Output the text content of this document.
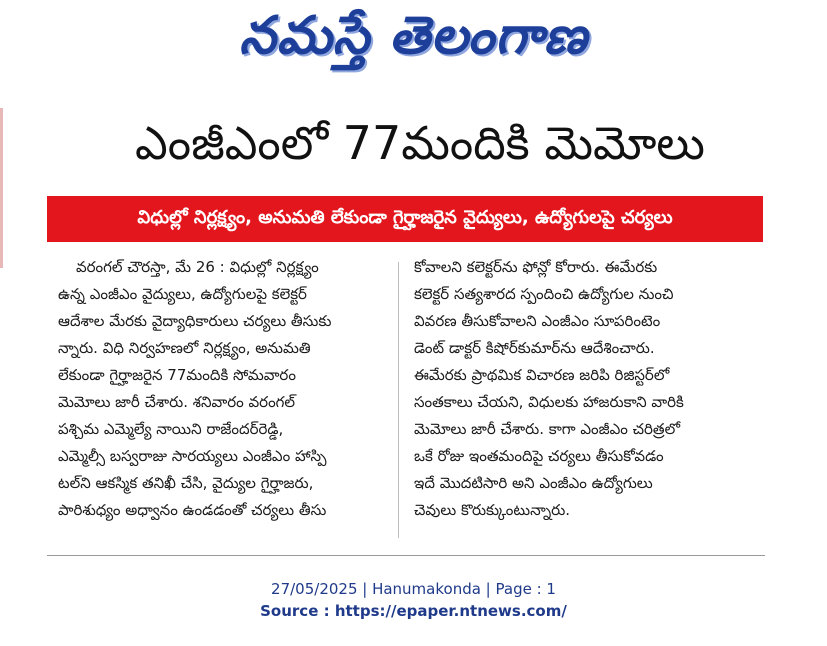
నమస్తే తెలంగాణ
ఎంజీఎంలో 77మందికి మెమోలు
విధుల్లో నిర్లక్ష్యం, అనుమతి లేకుండా గైర్హాజరైన వైద్యులు, ఉద్యోగులపై చర్యలు
వరంగల్ చౌరస్తా, మే 26 : విధుల్లో నిర్లక్ష్యం
ఉన్న ఎంజీఎం వైద్యులు, ఉద్యోగులపై కలెక్టర్
ఆదేశాల మేరకు వైద్యాధికారులు చర్యలు తీసుకు
న్నారు. విధి నిర్వహణలో నిర్లక్ష్యం, అనుమతి
లేకుండా గైర్హాజరైన 77మందికి సోమవారం
మెమోలు జారీ చేశారు. శనివారం వరంగల్
పశ్చిమ ఎమ్మెల్యే నాయిని రాజేందర్‌రెడ్డి,
ఎమ్మెల్సీ బస్వరాజు సారయ్యలు ఎంజీఎం హాస్పి
టల్‌ని ఆకస్మిక తనిఖీ చేసి, వైద్యుల గైర్హాజరు,
పారిశుధ్యం అధ్వానం ఉండడంతో చర్యలు తీసు
కోవాలని కలెక్టర్‌ను ఫోన్లో కోరారు. ఈమేరకు
కలెక్టర్ సత్యశారద స్పందించి ఉద్యోగుల నుంచి
వివరణ తీసుకోవాలని ఎంజీఎం సూపరింటెం
డెంట్ డాక్టర్ కిషోర్‌కుమార్‌ను ఆదేశించారు.
ఈమేరకు ప్రాథమిక విచారణ జరిపి రిజిస్టర్‌లో
సంతకాలు చేయని, విధులకు హాజరుకాని వారికి
మెమోలు జారీ చేశారు. కాగా ఎంజీఎం చరిత్రలో
ఒకే రోజు ఇంతమందిపై చర్యలు తీసుకోవడం
ఇదే మొదటిసారి అని ఎంజీఎం ఉద్యోగులు
చెవులు కొరుక్కుంటున్నారు.
27/05/2025 | Hanumakonda | Page : 1
Source : https://epaper.ntnews.com/
